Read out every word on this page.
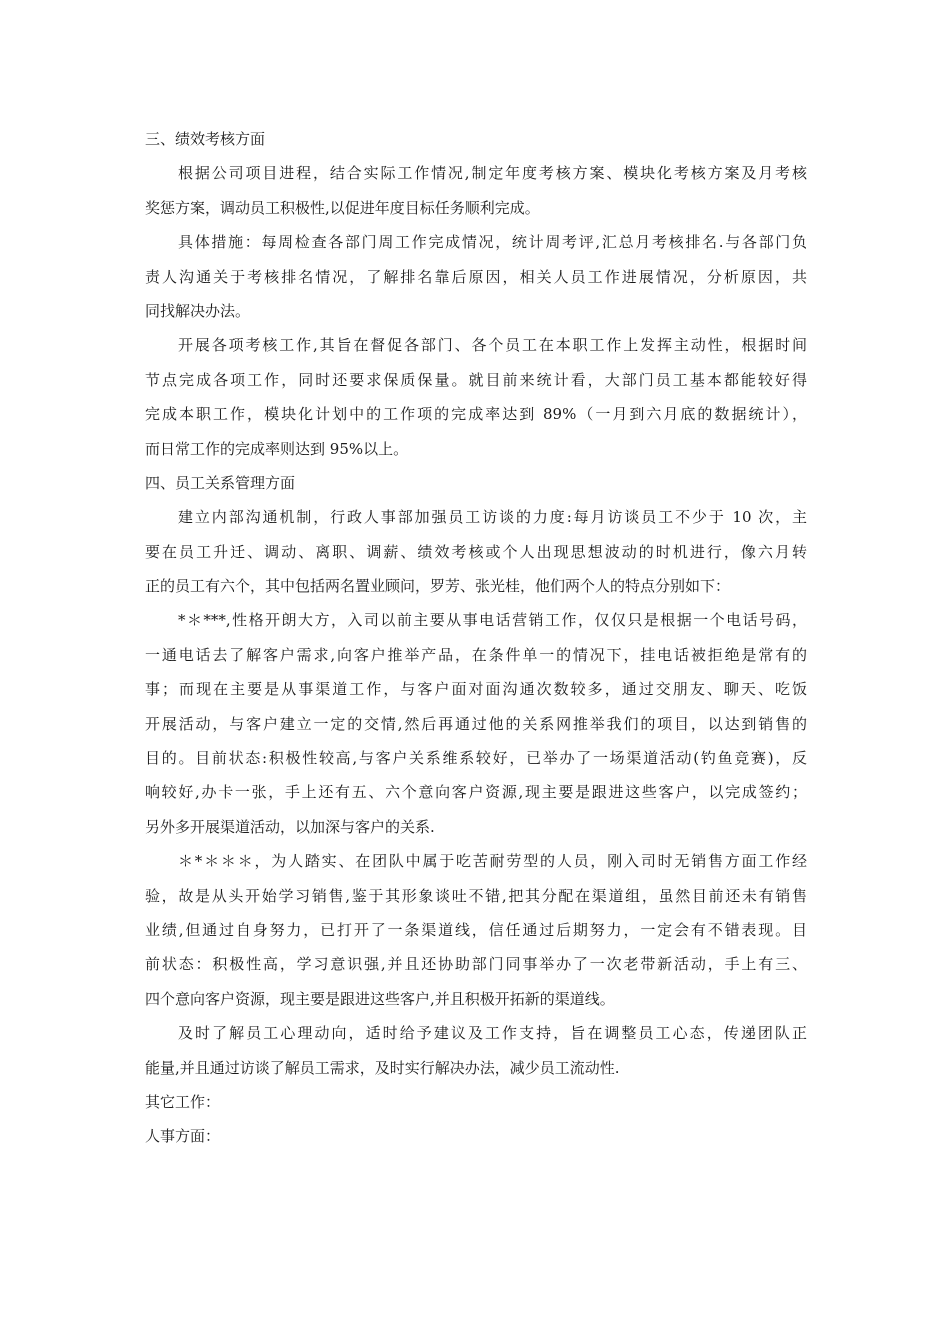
三、绩效考核方面
根据公司项目进程，结合实际工作情况,制定年度考核方案、模块化考核方案及月考核
奖惩方案，调动员工积极性,以促进年度目标任务顺利完成。
具体措施：每周检查各部门周工作完成情况，统计周考评,汇总月考核排名.与各部门负
责人沟通关于考核排名情况，了解排名靠后原因，相关人员工作进展情况，分析原因，共
同找解决办法。
开展各项考核工作,其旨在督促各部门、各个员工在本职工作上发挥主动性，根据时间
节点完成各项工作，同时还要求保质保量。就目前来统计看，大部门员工基本都能较好得
完成本职工作，模块化计划中的工作项的完成率达到 89%（一月到六月底的数据统计），
而日常工作的完成率则达到 95%以上。
四、员工关系管理方面
建立内部沟通机制，行政人事部加强员工访谈的力度:每月访谈员工不少于 10 次，主
要在员工升迁、调动、离职、调薪、绩效考核或个人出现思想波动的时机进行，像六月转
正的员工有六个，其中包括两名置业顾问，罗芳、张光桂，他们两个人的特点分别如下：
*＊***,性格开朗大方，入司以前主要从事电话营销工作，仅仅只是根据一个电话号码，
一通电话去了解客户需求,向客户推举产品，在条件单一的情况下，挂电话被拒绝是常有的
事；而现在主要是从事渠道工作，与客户面对面沟通次数较多，通过交朋友、聊天、吃饭
开展活动，与客户建立一定的交情,然后再通过他的关系网推举我们的项目，以达到销售的
目的。目前状态:积极性较高,与客户关系维系较好，已举办了一场渠道活动(钓鱼竞赛)，反
响较好,办卡一张，手上还有五、六个意向客户资源,现主要是跟进这些客户，以完成签约；
另外多开展渠道活动，以加深与客户的关系.
＊*＊＊＊，为人踏实、在团队中属于吃苦耐劳型的人员，刚入司时无销售方面工作经
验，故是从头开始学习销售,鉴于其形象谈吐不错,把其分配在渠道组，虽然目前还未有销售
业绩,但通过自身努力，已打开了一条渠道线，信任通过后期努力，一定会有不错表现。目
前状态：积极性高，学习意识强,并且还协助部门同事举办了一次老带新活动，手上有三、
四个意向客户资源，现主要是跟进这些客户,并且积极开拓新的渠道线。
及时了解员工心理动向，适时给予建议及工作支持，旨在调整员工心态，传递团队正
能量,并且通过访谈了解员工需求，及时实行解决办法，减少员工流动性.
其它工作：
人事方面：
